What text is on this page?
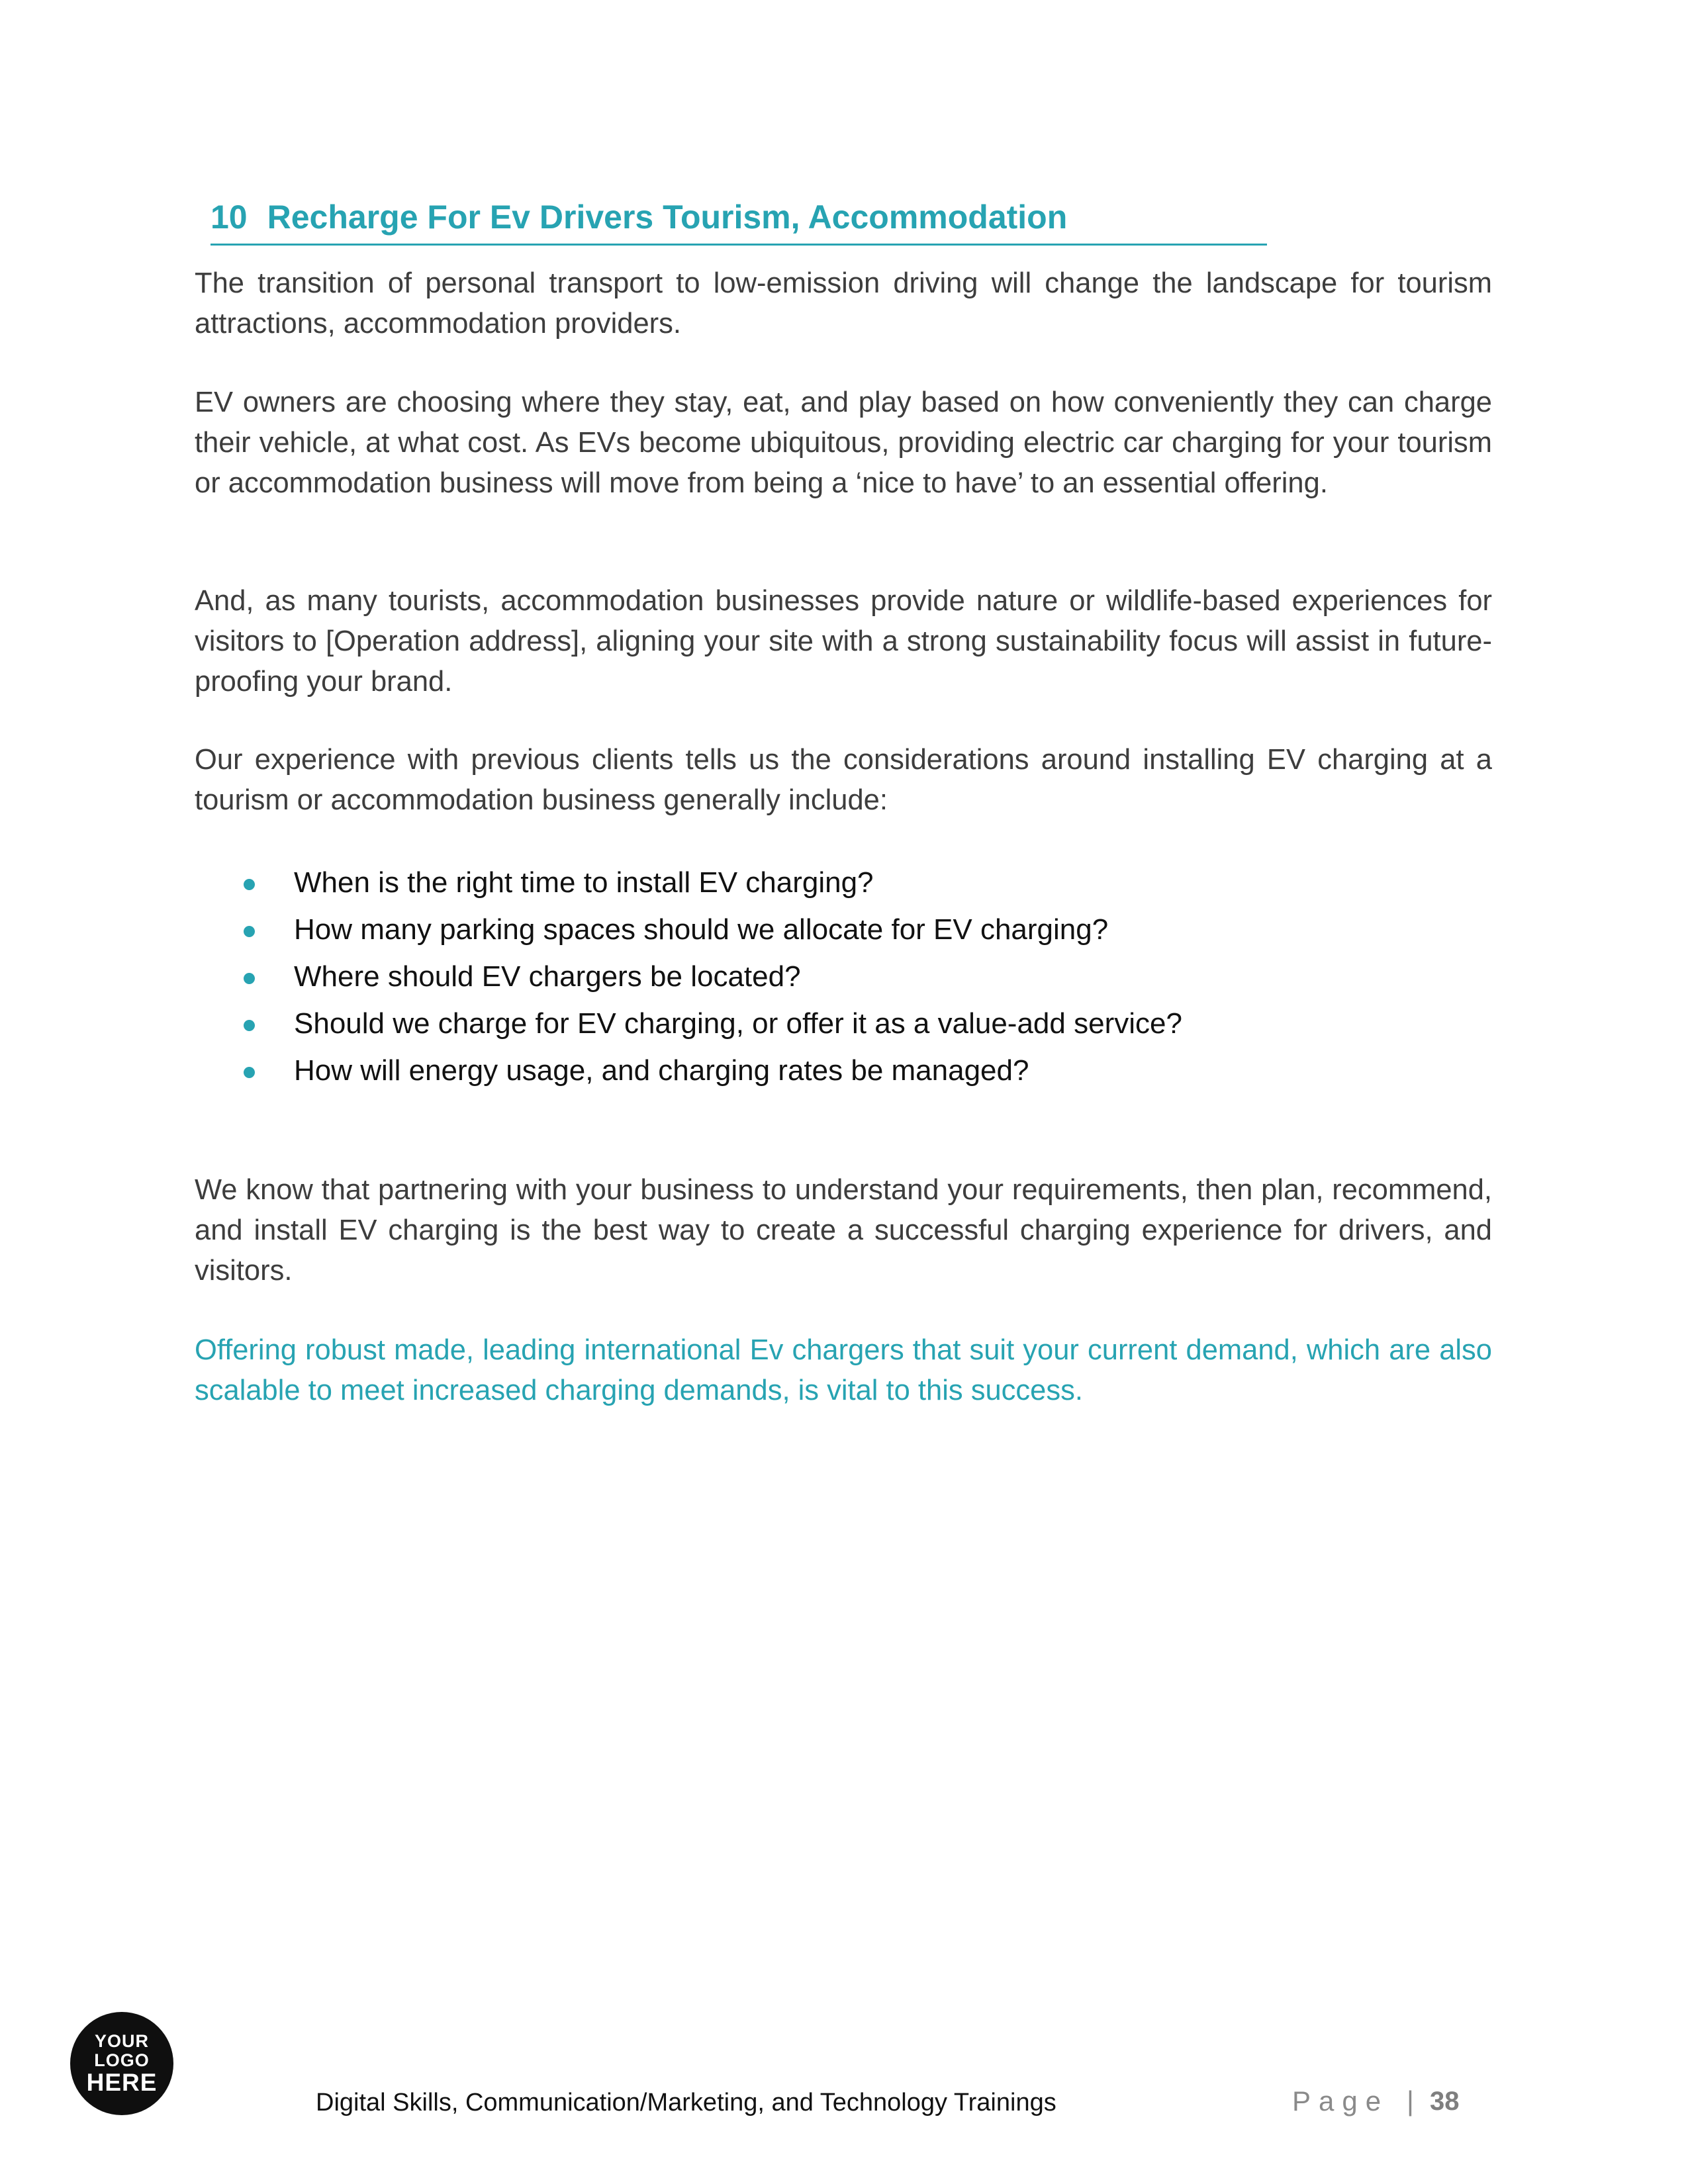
10 Recharge For Ev Drivers Tourism, Accommodation

The transition of personal transport to low-emission driving will change the landscape for tourism attractions, accommodation providers.

EV owners are choosing where they stay, eat, and play based on how conveniently they can charge their vehicle, at what cost. As EVs become ubiquitous, providing electric car charging for your tourism or accommodation business will move from being a ‘nice to have’ to an essential offering.

And, as many tourists, accommodation businesses provide nature or wildlife-based experiences for visitors to [Operation address], aligning your site with a strong sustainability focus will assist in future-proofing your brand.

Our experience with previous clients tells us the considerations around installing EV charging at a tourism or accommodation business generally include:

When is the right time to install EV charging?
How many parking spaces should we allocate for EV charging?
Where should EV chargers be located?
Should we charge for EV charging, or offer it as a value-add service?
How will energy usage, and charging rates be managed?

We know that partnering with your business to understand your requirements, then plan, recommend, and install EV charging is the best way to create a successful charging experience for drivers, and visitors.

Offering robust made, leading international Ev chargers that suit your current demand, which are also scalable to meet increased charging demands, is vital to this success.

YOUR
LOGO
HERE
Digital Skills, Communication/Marketing, and Technology Trainings	Page | 38
